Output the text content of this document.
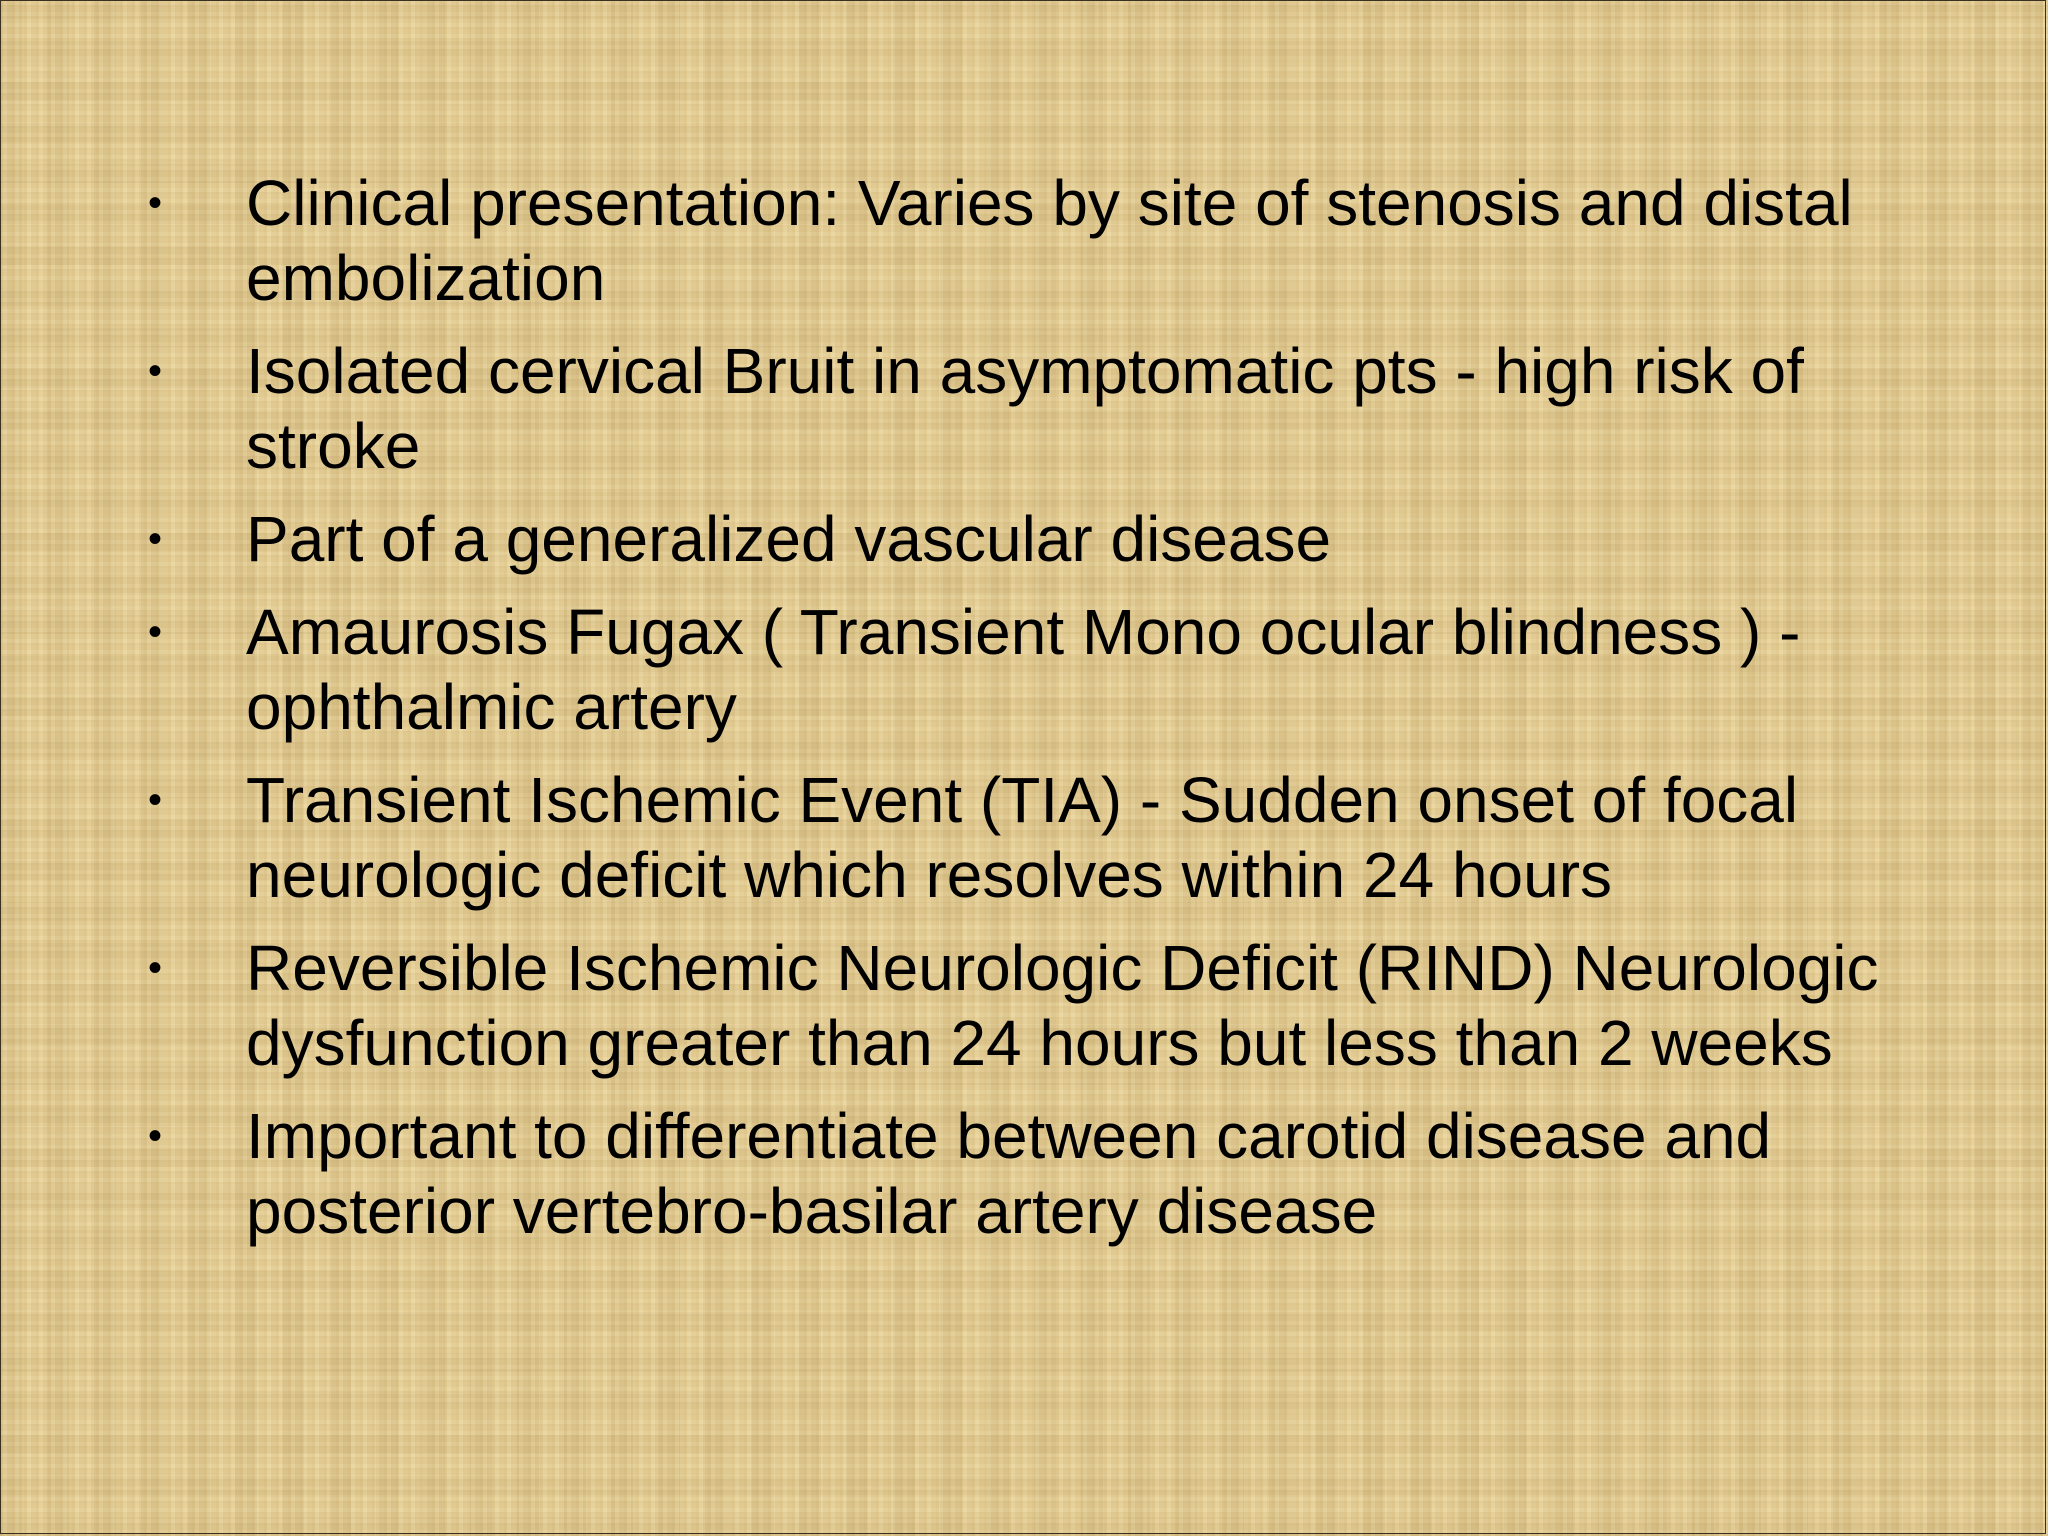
• Clinical presentation: Varies by site of stenosis and distal embolization
• Isolated cervical Bruit in asymptomatic pts - high risk of stroke
• Part of a generalized vascular disease
• Amaurosis Fugax ( Transient Mono ocular blindness ) - ophthalmic artery
• Transient Ischemic Event (TIA) - Sudden onset of focal neurologic deficit which resolves within 24 hours
• Reversible Ischemic Neurologic Deficit (RIND) Neurologic dysfunction greater than 24 hours but less than 2 weeks
• Important to differentiate between carotid disease and posterior vertebro-basilar artery disease
